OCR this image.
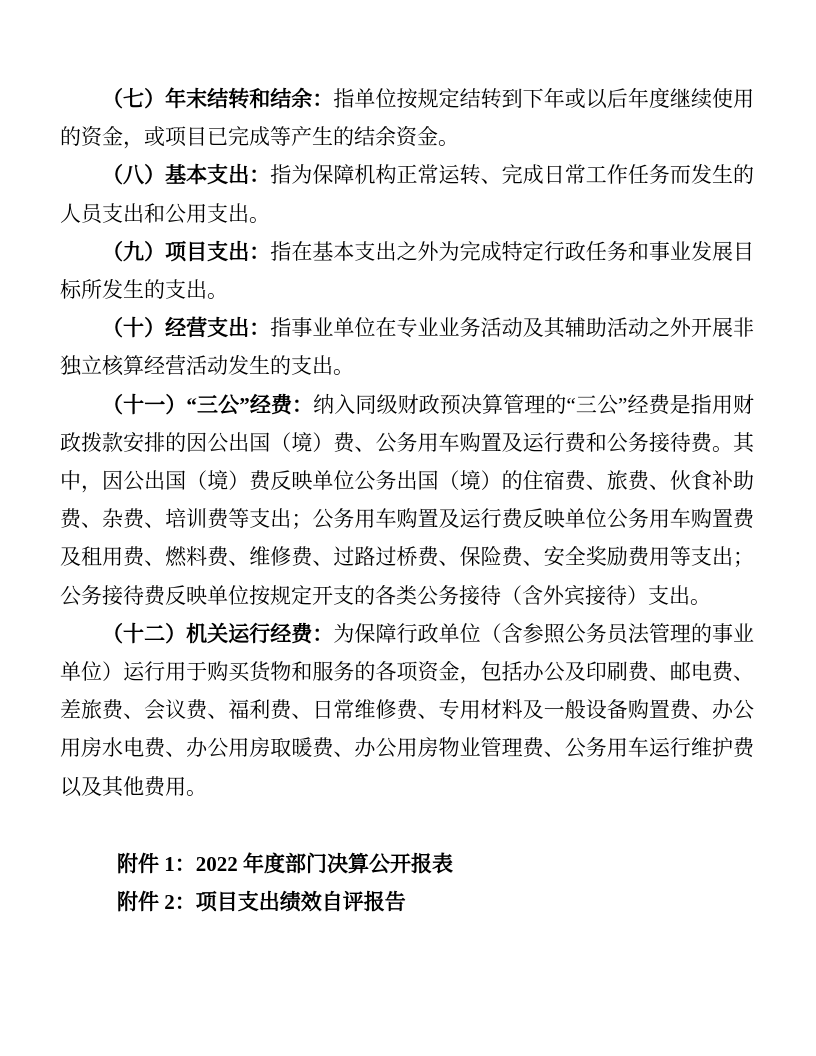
（七）年末结转和结余：指单位按规定结转到下年或以后年度继续使用的资金，或项目已完成等产生的结余资金。

（八）基本支出：指为保障机构正常运转、完成日常工作任务而发生的人员支出和公用支出。

（九）项目支出：指在基本支出之外为完成特定行政任务和事业发展目标所发生的支出。

（十）经营支出：指事业单位在专业业务活动及其辅助活动之外开展非独立核算经营活动发生的支出。

（十一）“三公”经费：纳入同级财政预决算管理的“三公”经费是指用财政拨款安排的因公出国（境）费、公务用车购置及运行费和公务接待费。其中，因公出国（境）费反映单位公务出国（境）的住宿费、旅费、伙食补助费、杂费、培训费等支出；公务用车购置及运行费反映单位公务用车购置费及租用费、燃料费、维修费、过路过桥费、保险费、安全奖励费用等支出；公务接待费反映单位按规定开支的各类公务接待（含外宾接待）支出。

（十二）机关运行经费：为保障行政单位（含参照公务员法管理的事业单位）运行用于购买货物和服务的各项资金，包括办公及印刷费、邮电费、差旅费、会议费、福利费、日常维修费、专用材料及一般设备购置费、办公用房水电费、办公用房取暖费、办公用房物业管理费、公务用车运行维护费以及其他费用。

附件 1：2022 年度部门决算公开报表

附件 2：项目支出绩效自评报告
